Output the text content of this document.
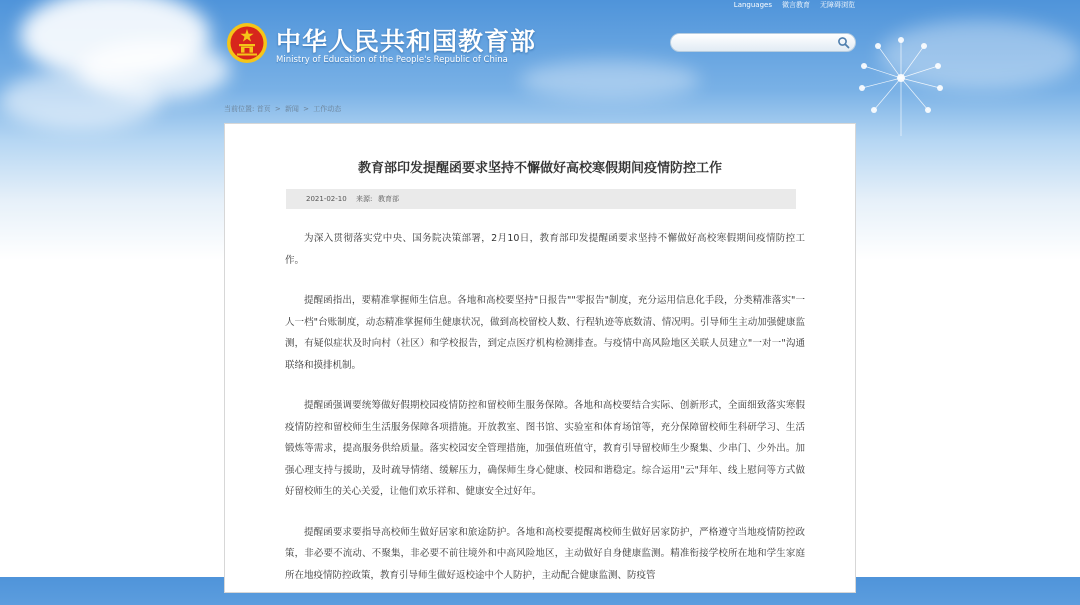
Languages 微言教育 无障碍浏览
中华人民共和国教育部
Ministry of Education of the People's Republic of China
当前位置: 首页 > 新闻 > 工作动态
教育部印发提醒函要求坚持不懈做好高校寒假期间疫情防控工作
2021-02-10 来源: 教育部

为深入贯彻落实党中央、国务院决策部署，2月10日，教育部印发提醒函要求坚持不懈做好高校寒假期间疫情防控工作。

提醒函指出，要精准掌握师生信息。各地和高校要坚持"日报告""零报告"制度，充分运用信息化手段，分类精准落实"一人一档"台账制度，动态精准掌握师生健康状况，做到高校留校人数、行程轨迹等底数清、情况明。引导师生主动加强健康监测，有疑似症状及时向村（社区）和学校报告，到定点医疗机构检测排查。与疫情中高风险地区关联人员建立"一对一"沟通联络和摸排机制。

提醒函强调要统筹做好假期校园疫情防控和留校师生服务保障。各地和高校要结合实际、创新形式，全面细致落实寒假疫情防控和留校师生生活服务保障各项措施。开放教室、图书馆、实验室和体育场馆等，充分保障留校师生科研学习、生活锻炼等需求，提高服务供给质量。落实校园安全管理措施，加强值班值守，教育引导留校师生少聚集、少串门、少外出。加强心理支持与援助，及时疏导情绪、缓解压力，确保师生身心健康、校园和谐稳定。综合运用"云"拜年、线上慰问等方式做好留校师生的关心关爱，让他们欢乐祥和、健康安全过好年。

提醒函要求要指导高校师生做好居家和旅途防护。各地和高校要提醒离校师生做好居家防护，严格遵守当地疫情防控政策，非必要不流动、不聚集，非必要不前往境外和中高风险地区，主动做好自身健康监测。精准衔接学校所在地和学生家庭所在地疫情防控政策，教育引导师生做好返校途中个人防护，主动配合健康监测、防疫管
